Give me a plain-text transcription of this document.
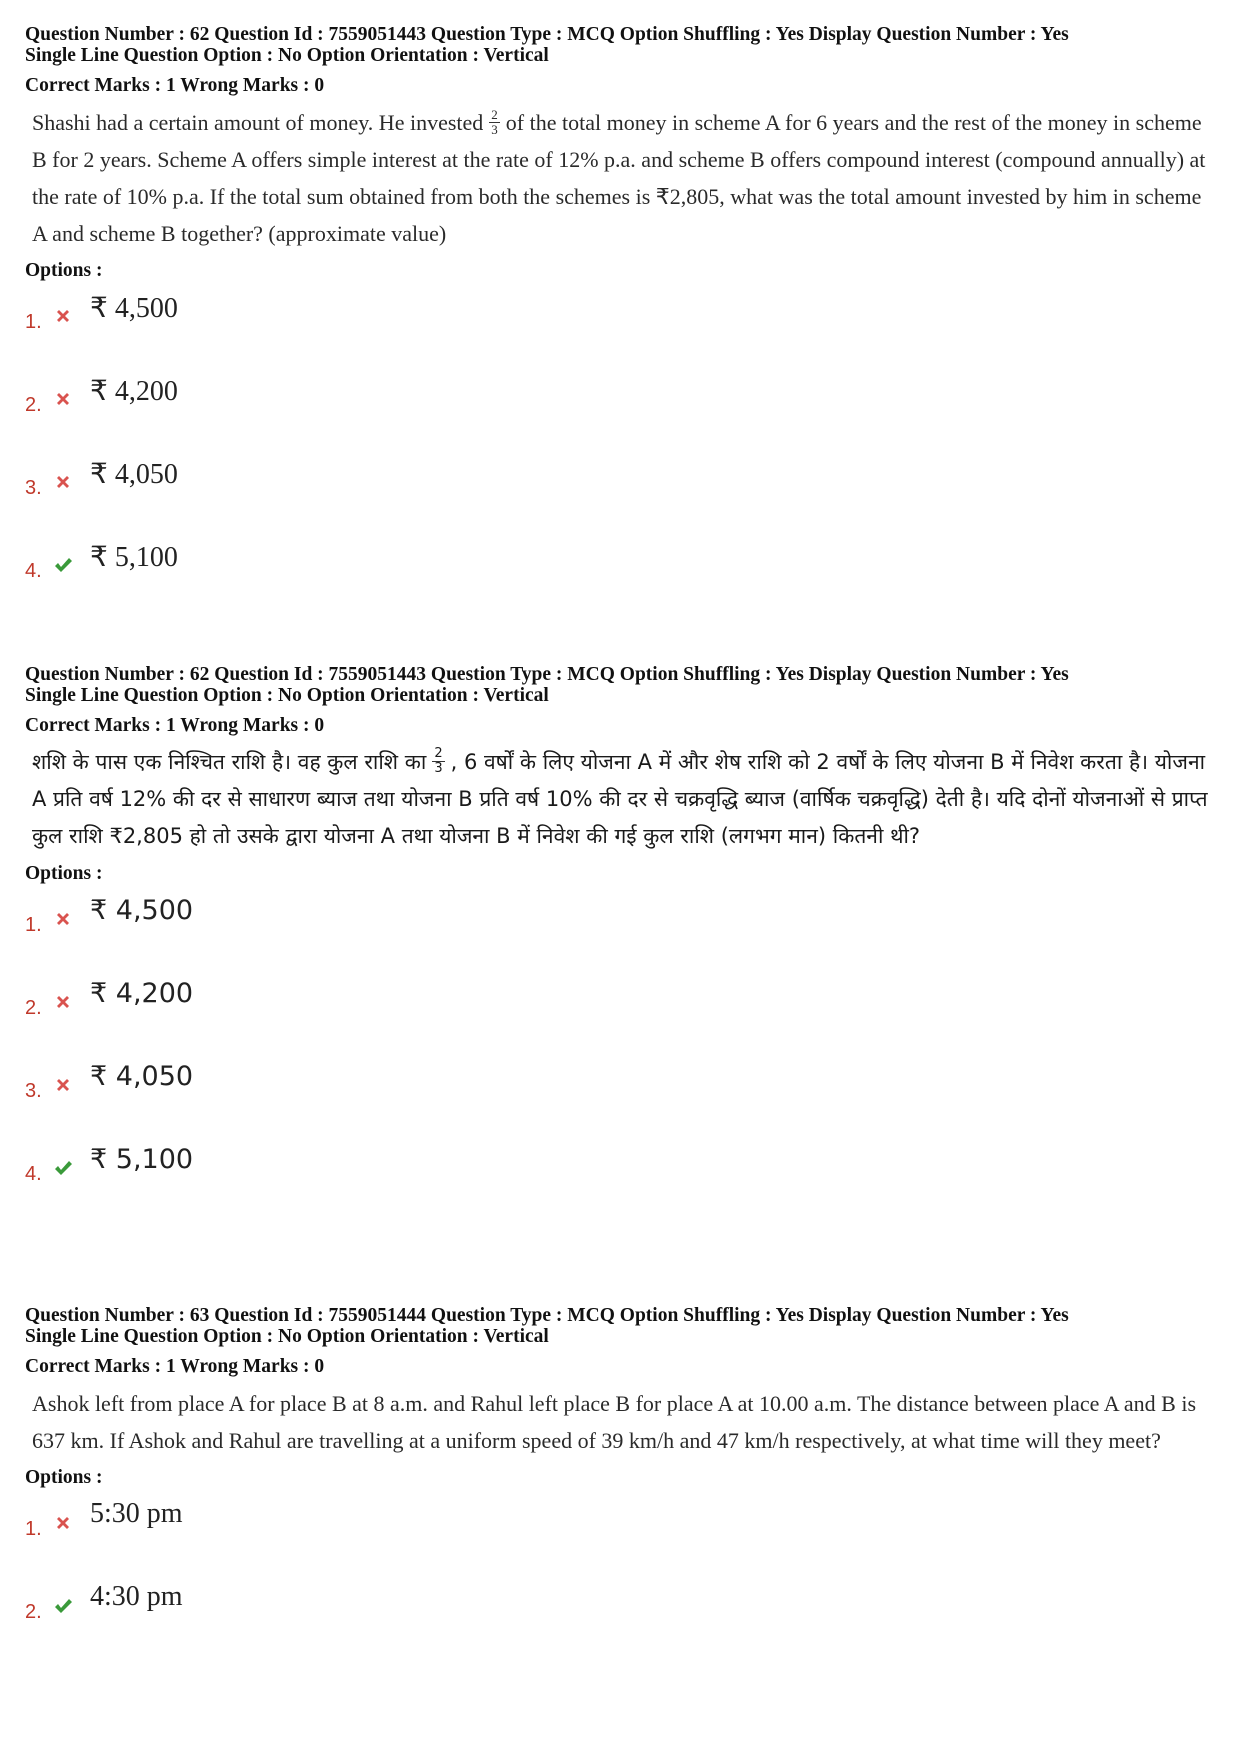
Question Number : 62 Question Id : 7559051443 Question Type : MCQ Option Shuffling : Yes Display Question Number : Yes

Single Line Question Option : No Option Orientation : Vertical

Correct Marks : 1 Wrong Marks : 0
Shashi had a certain amount of money. He invested $\frac{2}{3}$ of the total money in scheme A for 6 years and the rest of the money in scheme B for 2 years. Scheme A offers simple interest at the rate of 12% p.a. and scheme B offers compound interest (compound annually) at the rate of 10% p.a. If the total sum obtained from both the schemes is ₹2,805, what was the total amount invested by him in scheme A and scheme B together? (approximate value)
Options :
1. ₹ 4,500
2. ₹ 4,200
3. ₹ 4,050
4. ₹ 5,100

Question Number : 62 Question Id : 7559051443 Question Type : MCQ Option Shuffling : Yes Display Question Number : Yes

Single Line Question Option : No Option Orientation : Vertical

Correct Marks : 1 Wrong Marks : 0
शशि के पास एक निश्चित राशि है। वह कुल राशि का $\frac{2}{3}$ , 6 वर्षों के लिए योजना A में और शेष राशि को 2 वर्षों के लिए योजना B में निवेश करता है। योजना A प्रति वर्ष 12% की दर से साधारण ब्याज तथा योजना B प्रति वर्ष 10% की दर से चक्रवृद्धि ब्याज (वार्षिक चक्रवृद्धि) देती है। यदि दोनों योजनाओं से प्राप्त कुल राशि ₹2,805 हो तो उसके द्वारा योजना A तथा योजना B में निवेश की गई कुल राशि (लगभग मान) कितनी थी?
Options :
1. ₹ 4,500
2. ₹ 4,200
3. ₹ 4,050
4. ₹ 5,100

Question Number : 63 Question Id : 7559051444 Question Type : MCQ Option Shuffling : Yes Display Question Number : Yes

Single Line Question Option : No Option Orientation : Vertical

Correct Marks : 1 Wrong Marks : 0
Ashok left from place A for place B at 8 a.m. and Rahul left place B for place A at 10.00 a.m. The distance between place A and B is 637 km. If Ashok and Rahul are travelling at a uniform speed of 39 km/h and 47 km/h respectively, at what time will they meet?
Options :
1. 5:30 pm
2. 4:30 pm
